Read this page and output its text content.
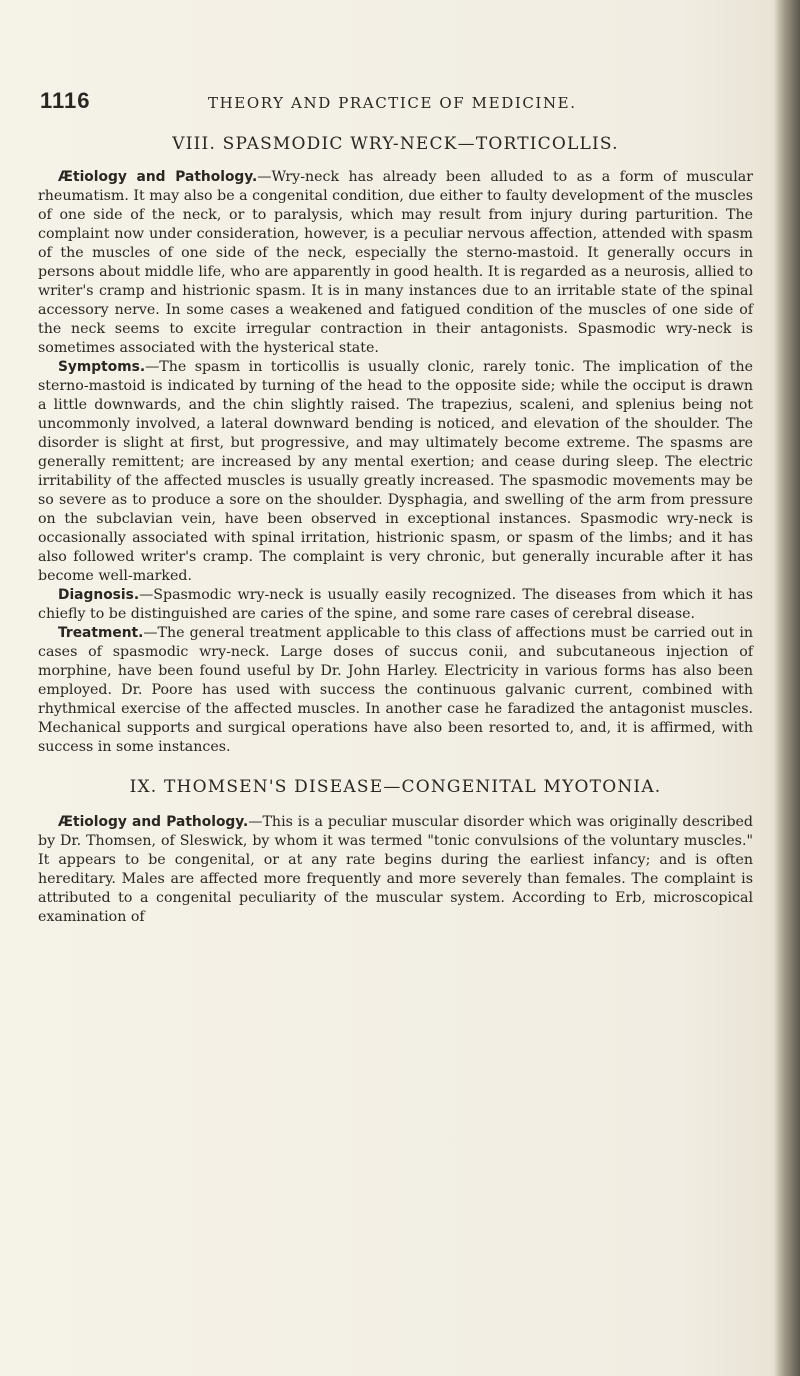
1116	THEORY AND PRACTICE OF MEDICINE.
VIII. SPASMODIC WRY-NECK—TORTICOLLIS.

Ætiology and Pathology.—Wry-neck has already been alluded to as a form of muscular rheumatism. It may also be a congenital condition, due either to faulty development of the muscles of one side of the neck, or to paralysis, which may result from injury during parturition. The complaint now under consideration, however, is a peculiar nervous affection, attended with spasm of the muscles of one side of the neck, especially the sterno-mastoid. It generally occurs in persons about middle life, who are apparently in good health. It is regarded as a neurosis, allied to writer's cramp and histrionic spasm. It is in many instances due to an irritable state of the spinal accessory nerve. In some cases a weakened and fatigued condition of the muscles of one side of the neck seems to excite irregular contraction in their antagonists. Spasmodic wry-neck is sometimes associated with the hysterical state.

Symptoms.—The spasm in torticollis is usually clonic, rarely tonic. The implication of the sterno-mastoid is indicated by turning of the head to the opposite side; while the occiput is drawn a little downwards, and the chin slightly raised. The trapezius, scaleni, and splenius being not uncommonly involved, a lateral downward bending is noticed, and elevation of the shoulder. The disorder is slight at first, but progressive, and may ultimately become extreme. The spasms are generally remittent; are increased by any mental exertion; and cease during sleep. The electric irritability of the affected muscles is usually greatly increased. The spasmodic movements may be so severe as to produce a sore on the shoulder. Dysphagia, and swelling of the arm from pressure on the subclavian vein, have been observed in exceptional instances. Spasmodic wry-neck is occasionally associated with spinal irritation, histrionic spasm, or spasm of the limbs; and it has also followed writer's cramp. The complaint is very chronic, but generally incurable after it has become well-marked.

Diagnosis.—Spasmodic wry-neck is usually easily recognized. The diseases from which it has chiefly to be distinguished are caries of the spine, and some rare cases of cerebral disease.

Treatment.—The general treatment applicable to this class of affections must be carried out in cases of spasmodic wry-neck. Large doses of succus conii, and subcutaneous injection of morphine, have been found useful by Dr. John Harley. Electricity in various forms has also been employed. Dr. Poore has used with success the continuous galvanic current, combined with rhythmical exercise of the affected muscles. In another case he faradized the antagonist muscles. Mechanical supports and surgical operations have also been resorted to, and, it is affirmed, with success in some instances.

IX. THOMSEN'S DISEASE—CONGENITAL MYOTONIA.

Ætiology and Pathology.—This is a peculiar muscular disorder which was originally described by Dr. Thomsen, of Sleswick, by whom it was termed "tonic convulsions of the voluntary muscles." It appears to be congenital, or at any rate begins during the earliest infancy; and is often hereditary. Males are affected more frequently and more severely than females. The complaint is attributed to a congenital peculiarity of the muscular system. According to Erb, microscopical examination of
